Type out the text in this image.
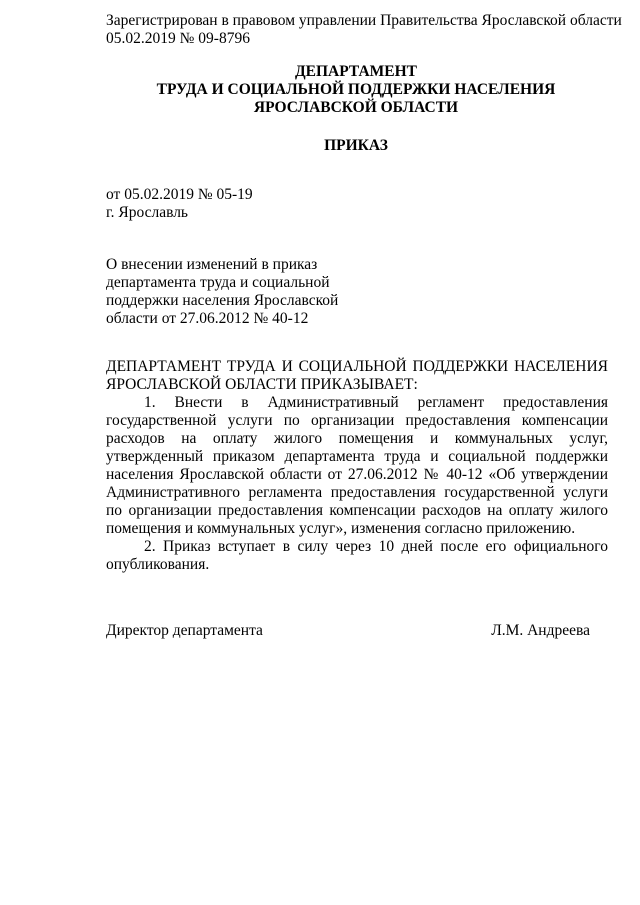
Зарегистрирован в правовом управлении Правительства Ярославской области
05.02.2019 № 09-8796
ДЕПАРТАМЕНТ
ТРУДА И СОЦИАЛЬНОЙ ПОДДЕРЖКИ НАСЕЛЕНИЯ
ЯРОСЛАВСКОЙ ОБЛАСТИ
ПРИКАЗ
от 05.02.2019 № 05-19
г. Ярославль
О внесении изменений в приказ
департамента труда и социальной
поддержки населения Ярославской
области от 27.06.2012 № 40-12

ДЕПАРТАМЕНТ ТРУДА И СОЦИАЛЬНОЙ ПОДДЕРЖКИ НАСЕЛЕНИЯ ЯРОСЛАВСКОЙ ОБЛАСТИ ПРИКАЗЫВАЕТ:

1. Внести в Административный регламент предоставления государственной услуги по организации предоставления компенсации расходов на оплату жилого помещения и коммунальных услуг, утвержденный приказом департамента труда и социальной поддержки населения Ярославской области от 27.06.2012 № 40-12 «Об утверждении Административного регламента предоставления государственной услуги по организации предоставления компенсации расходов на оплату жилого помещения и коммунальных услуг», изменения согласно приложению.

2. Приказ вступает в силу через 10 дней после его официального опубликования.

Директор департамента	Л.М. Андреева
